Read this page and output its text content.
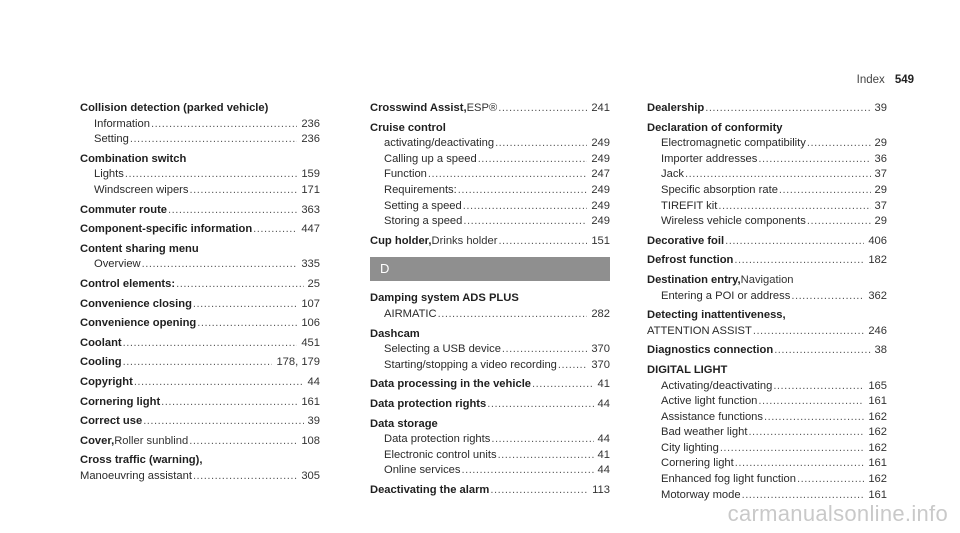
Index 549
Collision detection (parked vehicle)
Information .....	236
Setting .....	236
Combination switch
Lights .....	159
Windscreen wipers .....	171
Commuter route .....	363
Component-specific information .....	447
Content sharing menu
Overview .....	335
Control elements: .....	25
Convenience closing .....	107
Convenience opening .....	106
Coolant .....	451
Cooling .....	178, 179
Copyright .....	44
Cornering light .....	161
Correct use .....	39
Cover, Roller sunblind .....	108
Cross traffic (warning),
Manoeuvring assistant .....	305
Crosswind Assist, ESP® .....	241
Cruise control
activating/deactivating .....	249
Calling up a speed .....	249
Function .....	247
Requirements: .....	249
Setting a speed .....	249
Storing a speed .....	249
Cup holder, Drinks holder .....	151
D
Damping system ADS PLUS
AIRMATIC .....	282
Dashcam
Selecting a USB device .....	370
Starting/stopping a video recording .....	370
Data processing in the vehicle .....	41
Data protection rights .....	44
Data storage
Data protection rights .....	44
Electronic control units .....	41
Online services .....	44
Deactivating the alarm .....	113
Dealership .....	39
Declaration of conformity
Electromagnetic compatibility .....	29
Importer addresses .....	36
Jack .....	37
Specific absorption rate .....	29
TIREFIT kit .....	37
Wireless vehicle components .....	29
Decorative foil .....	406
Defrost function .....	182
Destination entry, Navigation
Entering a POI or address .....	362
Detecting inattentiveness,
ATTENTION ASSIST .....	246
Diagnostics connection .....	38
DIGITAL LIGHT
Activating/deactivating .....	165
Active light function .....	161
Assistance functions .....	162
Bad weather light .....	162
City lighting .....	162
Cornering light .....	161
Enhanced fog light function .....	162
Motorway mode .....	161
carmanualsonline.info
